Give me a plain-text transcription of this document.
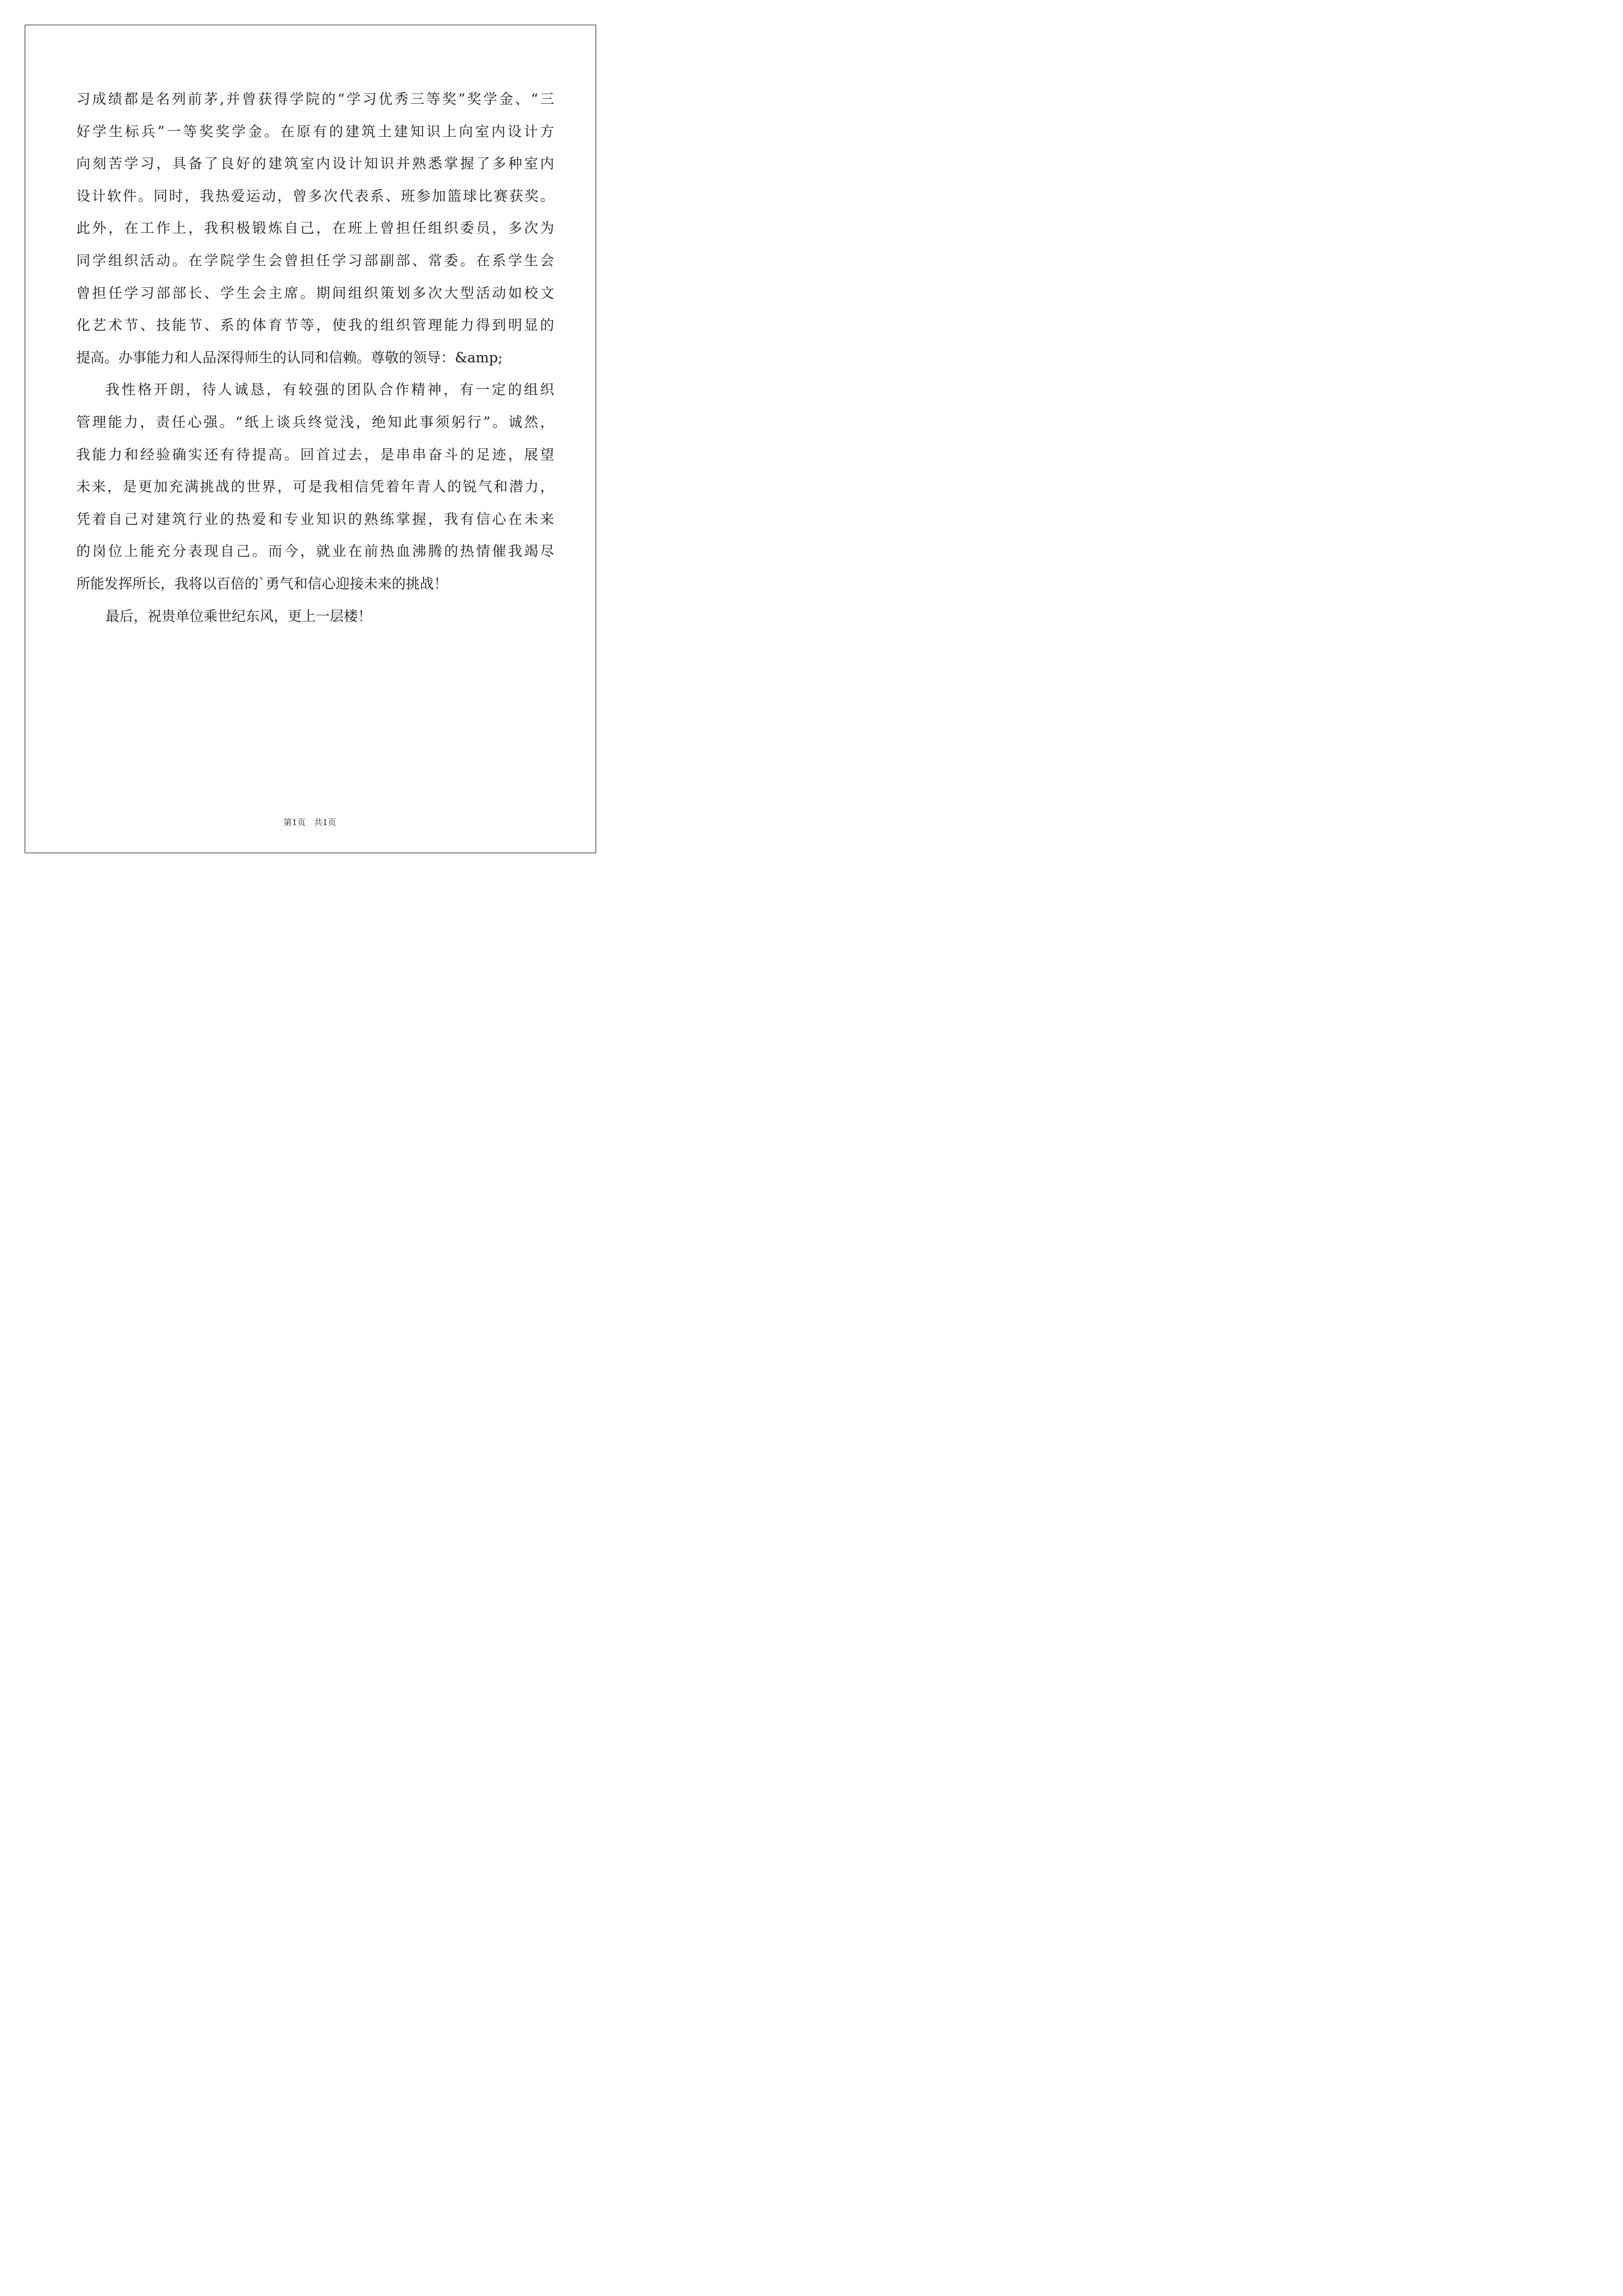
习成绩都是名列前茅,并曾获得学院的“学习优秀三等奖”奖学金、“三
好学生标兵”一等奖奖学金。在原有的建筑土建知识上向室内设计方
向刻苦学习，具备了良好的建筑室内设计知识并熟悉掌握了多种室内
设计软件。同时，我热爱运动，曾多次代表系、班参加篮球比赛获奖。
此外，在工作上，我积极锻炼自己，在班上曾担任组织委员，多次为
同学组织活动。在学院学生会曾担任学习部副部、常委。在系学生会
曾担任学习部部长、学生会主席。期间组织策划多次大型活动如校文
化艺术节、技能节、系的体育节等，使我的组织管理能力得到明显的
提高。办事能力和人品深得师生的认同和信赖。尊敬的领导：&amp;
我性格开朗，待人诚恳，有较强的团队合作精神，有一定的组织
管理能力，责任心强。“纸上谈兵终觉浅，绝知此事须躬行”。诚然，
我能力和经验确实还有待提高。回首过去，是串串奋斗的足迹，展望
未来，是更加充满挑战的世界，可是我相信凭着年青人的锐气和潜力，
凭着自己对建筑行业的热爱和专业知识的熟练掌握，我有信心在未来
的岗位上能充分表现自己。而今，就业在前热血沸腾的热情催我竭尽
所能发挥所长，我将以百倍的`勇气和信心迎接未来的挑战！
最后，祝贵单位乘世纪东风，更上一层楼！
第1页　共1页
